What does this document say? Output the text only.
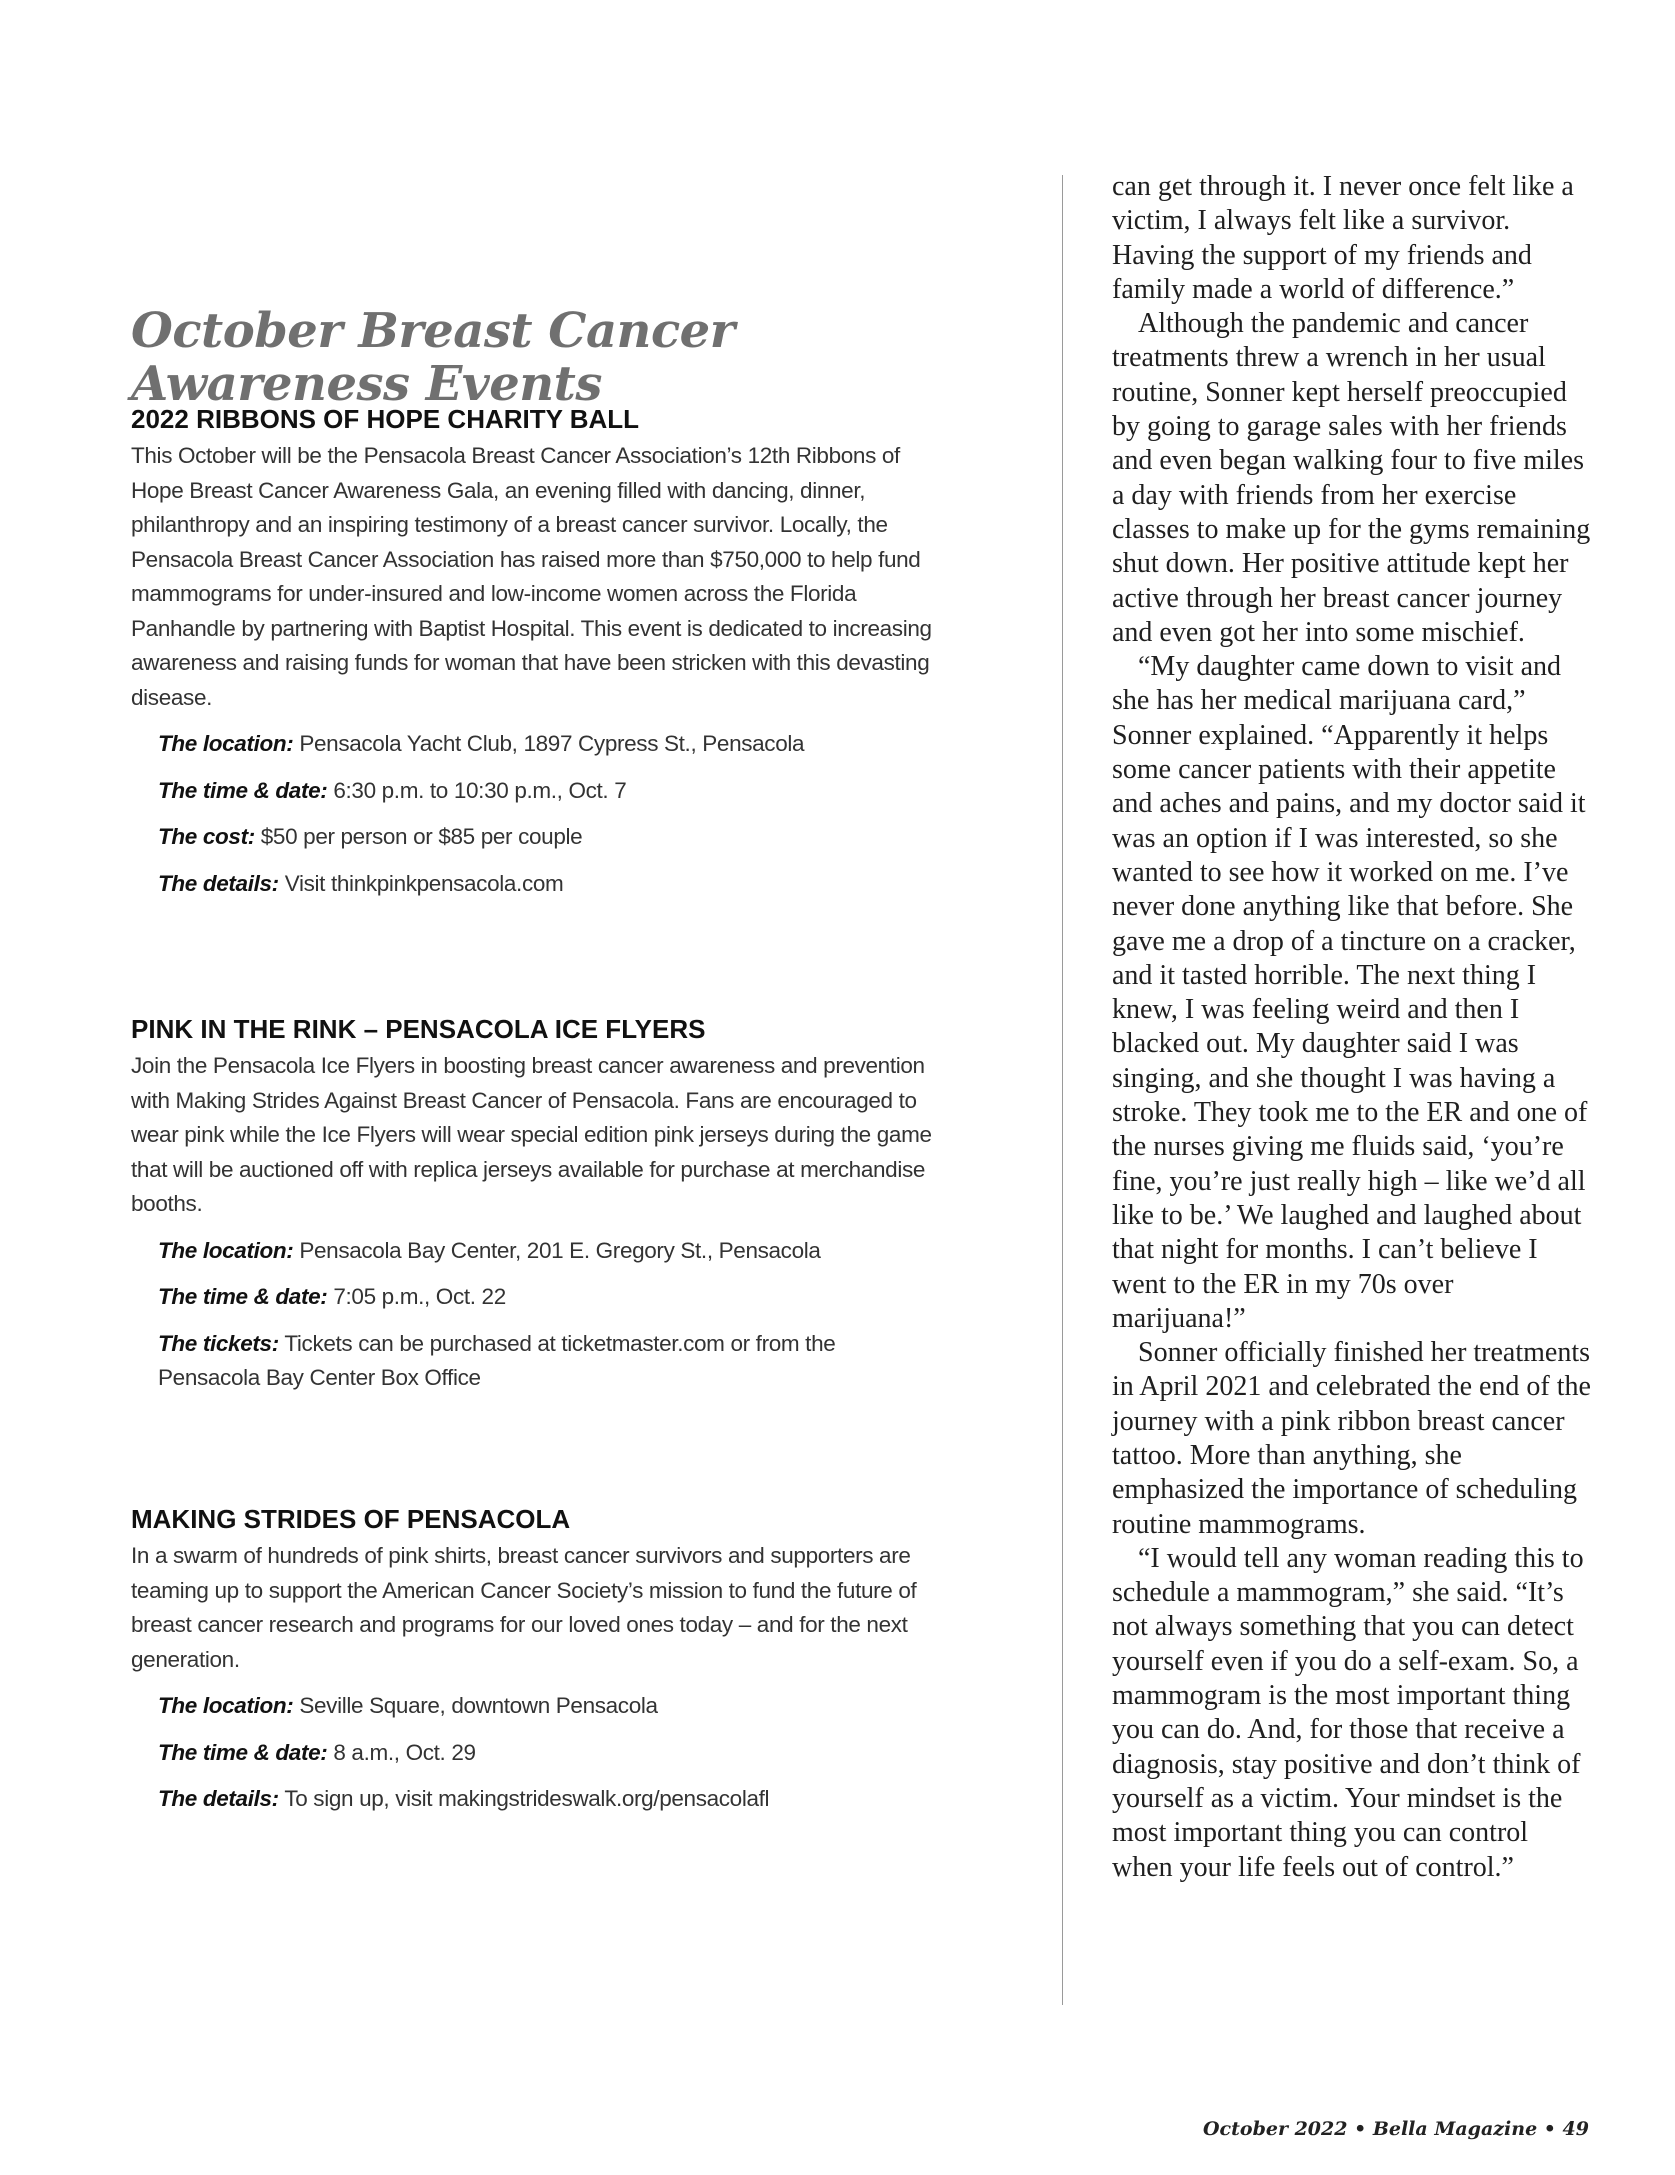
October Breast Cancer Awareness Events
2022 RIBBONS OF HOPE CHARITY BALL

This October will be the Pensacola Breast Cancer Association’s 12th Ribbons of Hope Breast Cancer Awareness Gala, an evening filled with dancing, dinner, philanthropy and an inspiring testimony of a breast cancer survivor. Locally, the Pensacola Breast Cancer Association has raised more than $750,000 to help fund mammograms for under-insured and low-income women across the Florida Panhandle by partnering with Baptist Hospital. This event is dedicated to increasing awareness and raising funds for woman that have been stricken with this devasting disease.

The location: Pensacola Yacht Club, 1897 Cypress St., Pensacola
The time & date: 6:30 p.m. to 10:30 p.m., Oct. 7
The cost: $50 per person or $85 per couple
The details: Visit thinkpinkpensacola.com
PINK IN THE RINK – PENSACOLA ICE FLYERS

Join the Pensacola Ice Flyers in boosting breast cancer awareness and prevention with Making Strides Against Breast Cancer of Pensacola. Fans are encouraged to wear pink while the Ice Flyers will wear special edition pink jerseys during the game that will be auctioned off with replica jerseys available for purchase at merchandise booths.

The location: Pensacola Bay Center, 201 E. Gregory St., Pensacola
The time & date: 7:05 p.m., Oct. 22
The tickets: Tickets can be purchased at ticketmaster.com or from the Pensacola Bay Center Box Office
MAKING STRIDES OF PENSACOLA

In a swarm of hundreds of pink shirts, breast cancer survivors and supporters are teaming up to support the American Cancer Society’s mission to fund the future of breast cancer research and programs for our loved ones today – and for the next generation.

The location: Seville Square, downtown Pensacola
The time & date: 8 a.m., Oct. 29
The details: To sign up, visit makingstrideswalk.org/pensacolafl

can get through it. I never once felt like a victim, I always felt like a survivor. Having the support of my friends and family made a world of difference.”

Although the pandemic and cancer treatments threw a wrench in her usual routine, Sonner kept herself preoccupied by going to garage sales with her friends and even began walking four to five miles a day with friends from her exercise classes to make up for the gyms remaining shut down. Her positive attitude kept her active through her breast cancer journey and even got her into some mischief.

“My daughter came down to visit and she has her medical marijuana card,” Sonner explained. “Apparently it helps some cancer patients with their appetite and aches and pains, and my doctor said it was an option if I was interested, so she wanted to see how it worked on me. I’ve never done anything like that before. She gave me a drop of a tincture on a cracker, and it tasted horrible. The next thing I knew, I was feeling weird and then I blacked out. My daughter said I was singing, and she thought I was having a stroke. They took me to the ER and one of the nurses giving me fluids said, ‘you’re fine, you’re just really high – like we’d all like to be.’ We laughed and laughed about that night for months. I can’t believe I went to the ER in my 70s over marijuana!”

Sonner officially finished her treatments in April 2021 and celebrated the end of the journey with a pink ribbon breast cancer tattoo. More than anything, she emphasized the importance of scheduling routine mammograms.

“I would tell any woman reading this to schedule a mammogram,” she said. “It’s not always something that you can detect yourself even if you do a self-exam. So, a mammogram is the most important thing you can do. And, for those that receive a diagnosis, stay positive and don’t think of yourself as a victim. Your mindset is the most important thing you can control when your life feels out of control.”

October 2022 • Bella Magazine • 49
